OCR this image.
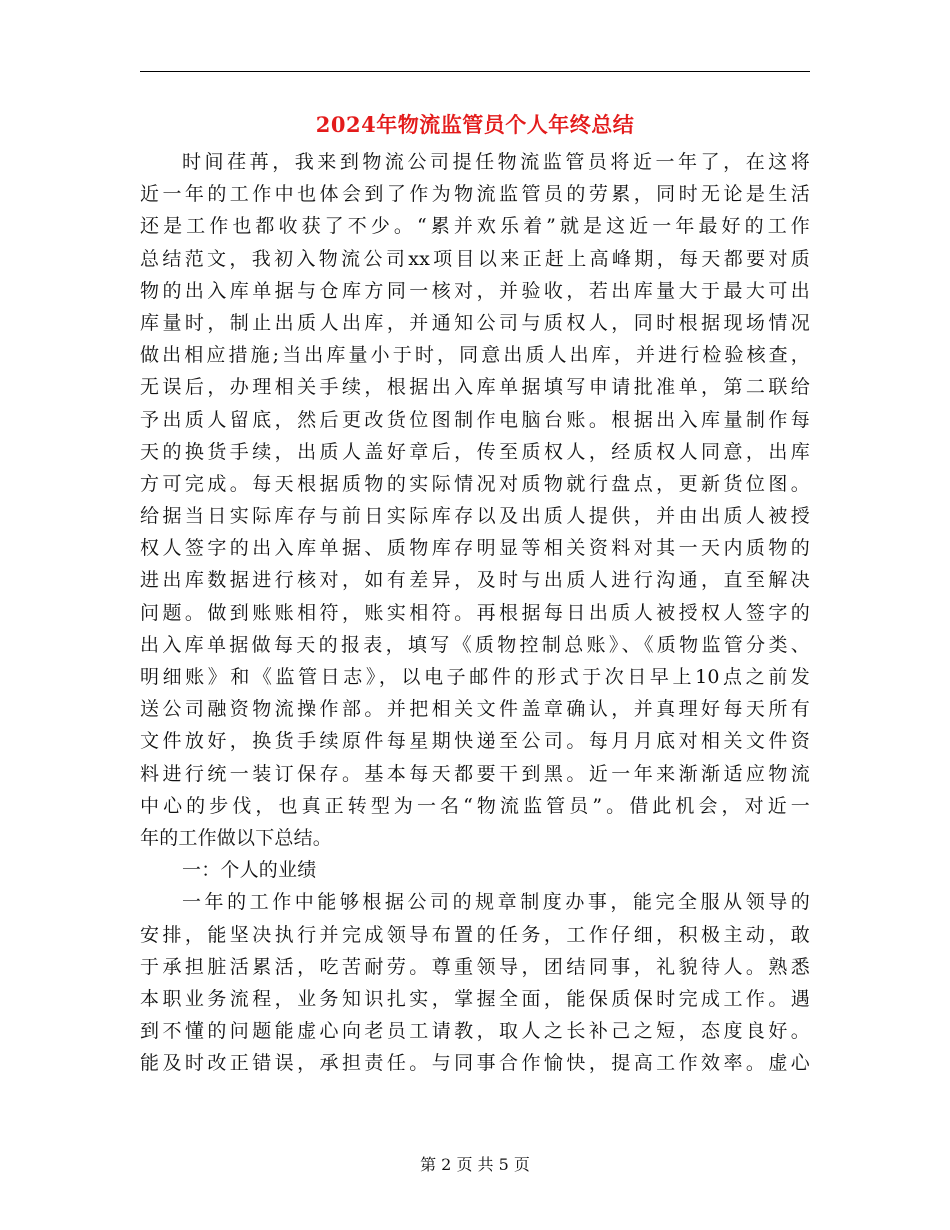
2024年物流监管员个人年终总结
时间荏苒，我来到物流公司提任物流监管员将近一年了，在这将
近一年的工作中也体会到了作为物流监管员的劳累，同时无论是生活
还是工作也都收获了不少。“累并欢乐着”就是这近一年最好的工作
总结范文，我初入物流公司xx项目以来正赶上高峰期，每天都要对质
物的出入库单据与仓库方同一核对，并验收，若出库量大于最大可出
库量时，制止出质人出库，并通知公司与质权人，同时根据现场情况
做出相应措施;当出库量小于时，同意出质人出库，并进行检验核查，
无误后，办理相关手续，根据出入库单据填写申请批准单，第二联给
予出质人留底，然后更改货位图制作电脑台账。根据出入库量制作每
天的换货手续，出质人盖好章后，传至质权人，经质权人同意，出库
方可完成。每天根据质物的实际情况对质物就行盘点，更新货位图。
给据当日实际库存与前日实际库存以及出质人提供，并由出质人被授
权人签字的出入库单据、质物库存明显等相关资料对其一天内质物的
进出库数据进行核对，如有差异，及时与出质人进行沟通，直至解决
问题。做到账账相符，账实相符。再根据每日出质人被授权人签字的
出入库单据做每天的报表，填写《质物控制总账》、《质物监管分类、
明细账》和《监管日志》，以电子邮件的形式于次日早上10点之前发
送公司融资物流操作部。并把相关文件盖章确认，并真理好每天所有
文件放好，换货手续原件每星期快递至公司。每月月底对相关文件资
料进行统一装订保存。基本每天都要干到黑。近一年来渐渐适应物流
中心的步伐，也真正转型为一名“物流监管员”。借此机会，对近一
年的工作做以下总结。
一：个人的业绩
一年的工作中能够根据公司的规章制度办事，能完全服从领导的
安排，能坚决执行并完成领导布置的任务，工作仔细，积极主动，敢
于承担脏活累活，吃苦耐劳。尊重领导，团结同事，礼貌待人。熟悉
本职业务流程，业务知识扎实，掌握全面，能保质保时完成工作。遇
到不懂的问题能虚心向老员工请教，取人之长补己之短，态度良好。
能及时改正错误，承担责任。与同事合作愉快，提高工作效率。虚心
第 2 页 共 5 页
